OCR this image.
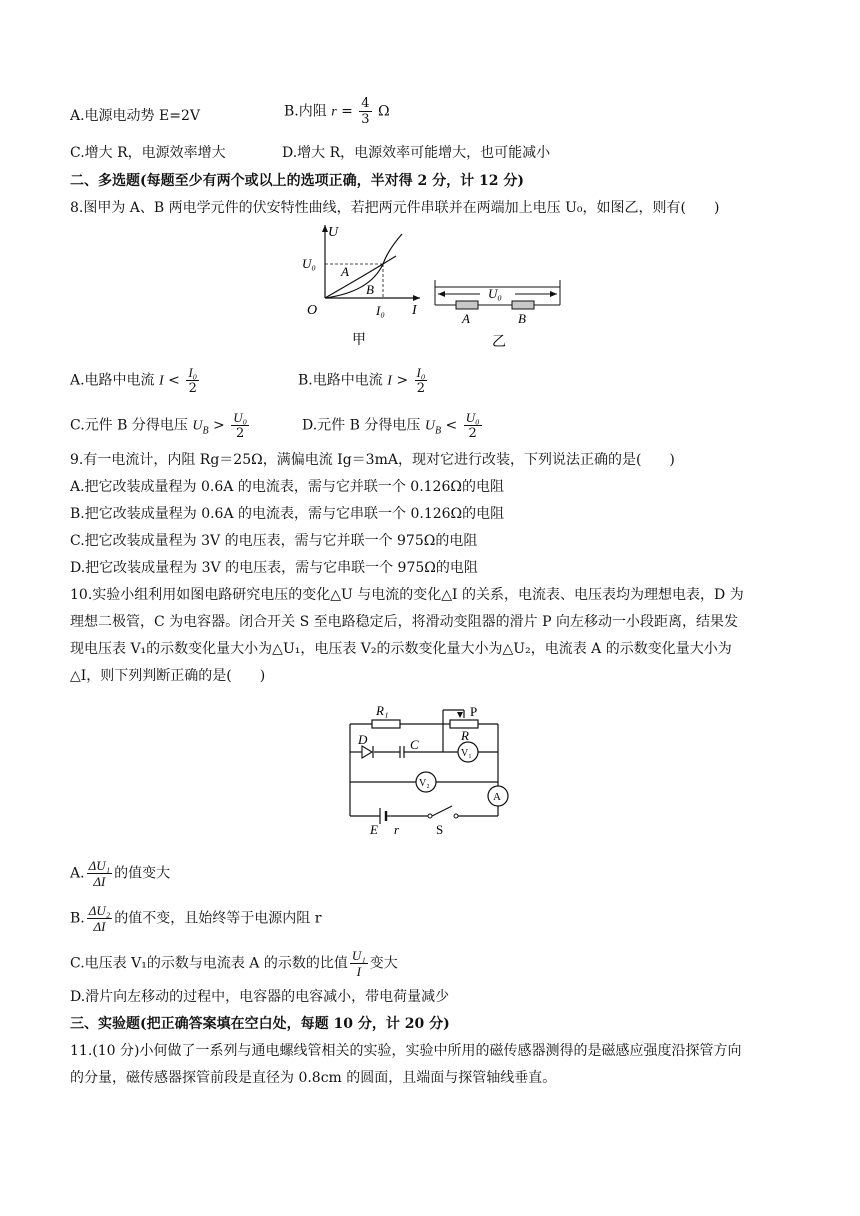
A.电源电动势 E=2V	B.内阻 $r = \frac{4}{3}$ Ω
C.增大 R，电源效率增大	D.增大 R，电源效率可能增大，也可能减小
二、多选题(每题至少有两个或以上的选项正确，半对得 2 分，计 12 分)
8.图甲为 A、B 两电学元件的伏安特性曲线，若把两元件串联并在两端加上电压 U₀，如图乙，则有(　　)
U
I
U₀
I₀
O
A
B
甲
U₀
A	B
乙
A.电路中电流 $I < \frac{\text{I₀}}{2}$	B.电路中电流 $I > \frac{\text{I₀}}{2}$
C.元件 B 分得电压 $U_B > \frac{\text{U₀}}{2}$	D.元件 B 分得电压 $U_B < \frac{\text{U₀}}{2}$
9.有一电流计，内阻 Rg＝25Ω，满偏电流 Ig＝3mA，现对它进行改装，下列说法正确的是(　　)
A.把它改装成量程为 0.6A 的电流表，需与它并联一个 0.126Ω的电阻
B.把它改装成量程为 0.6A 的电流表，需与它串联一个 0.126Ω的电阻
C.把它改装成量程为 3V 的电压表，需与它并联一个 975Ω的电阻
D.把它改装成量程为 3V 的电压表，需与它串联一个 975Ω的电阻
10.实验小组利用如图电路研究电压的变化△U 与电流的变化△I 的关系，电流表、电压表均为理想电表，D 为
理想二极管，C 为电容器。闭合开关 S 至电路稳定后，将滑动变阻器的滑片 P 向左移动一小段距离，结果发
现电压表 V₁的示数变化量大小为△U₁，电压表 V₂的示数变化量大小为△U₂，电流表 A 的示数变化量大小为
△I，则下列判断正确的是(　　)
R₁	P
R
D	C
V₁
V₂
A
E r	S
A. $\frac{\text{ΔU₁}}{\Delta I}$ 的值变大
B. $\frac{\text{ΔU₂}}{\Delta I}$ 的值不变，且始终等于电源内阻 r
C.电压表 V₁的示数与电流表 A 的示数的比值 $\frac{\text{U₁}}{I}$ 变大
D.滑片向左移动的过程中，电容器的电容减小，带电荷量减少
三、实验题(把正确答案填在空白处，每题 10 分，计 20 分)
11.(10 分)小何做了一系列与通电螺线管相关的实验，实验中所用的磁传感器测得的是磁感应强度沿探管方向
的分量，磁传感器探管前段是直径为 0.8cm 的圆面，且端面与探管轴线垂直。
